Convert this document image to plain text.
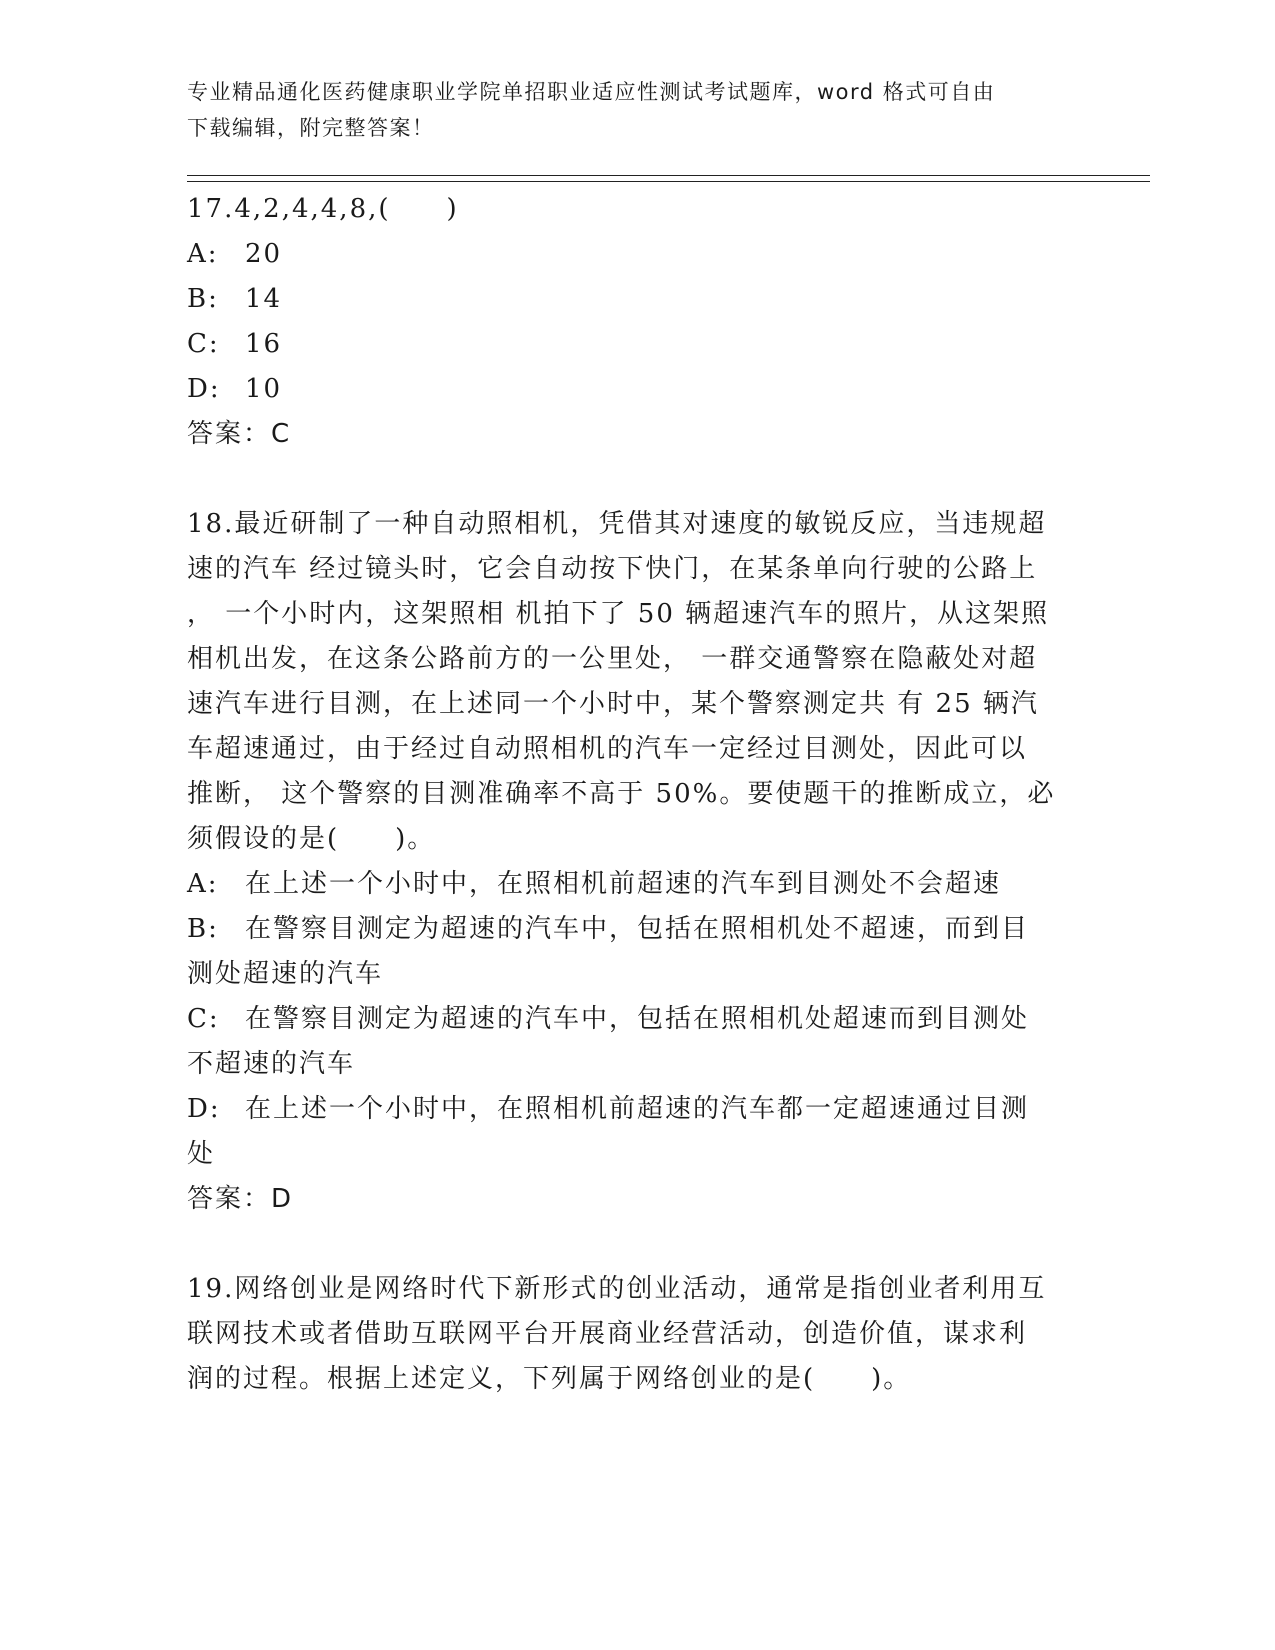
专业精品通化医药健康职业学院单招职业适应性测试考试题库，word 格式可自由
下载编辑，附完整答案！
17.4,2,4,4,8,(　　)
A: 20
B: 14
C: 16
D: 10
答案：C
18.最近研制了一种自动照相机，凭借其对速度的敏锐反应，当违规超
速的汽车 经过镜头时，它会自动按下快门，在某条单向行驶的公路上
， 一个小时内，这架照相 机拍下了 50 辆超速汽车的照片，从这架照
相机出发，在这条公路前方的一公里处， 一群交通警察在隐蔽处对超
速汽车进行目测，在上述同一个小时中，某个警察测定共 有 25 辆汽
车超速通过，由于经过自动照相机的汽车一定经过目测处，因此可以
推断， 这个警察的目测准确率不高于 50%。要使题干的推断成立，必
须假设的是(　　)。
A: 在上述一个小时中，在照相机前超速的汽车到目测处不会超速
B: 在警察目测定为超速的汽车中，包括在照相机处不超速，而到目
测处超速的汽车
C: 在警察目测定为超速的汽车中，包括在照相机处超速而到目测处
不超速的汽车
D: 在上述一个小时中，在照相机前超速的汽车都一定超速通过目测
处
答案：D
19.网络创业是网络时代下新形式的创业活动，通常是指创业者利用互
联网技术或者借助互联网平台开展商业经营活动，创造价值，谋求利
润的过程。根据上述定义，下列属于网络创业的是(　　)。
